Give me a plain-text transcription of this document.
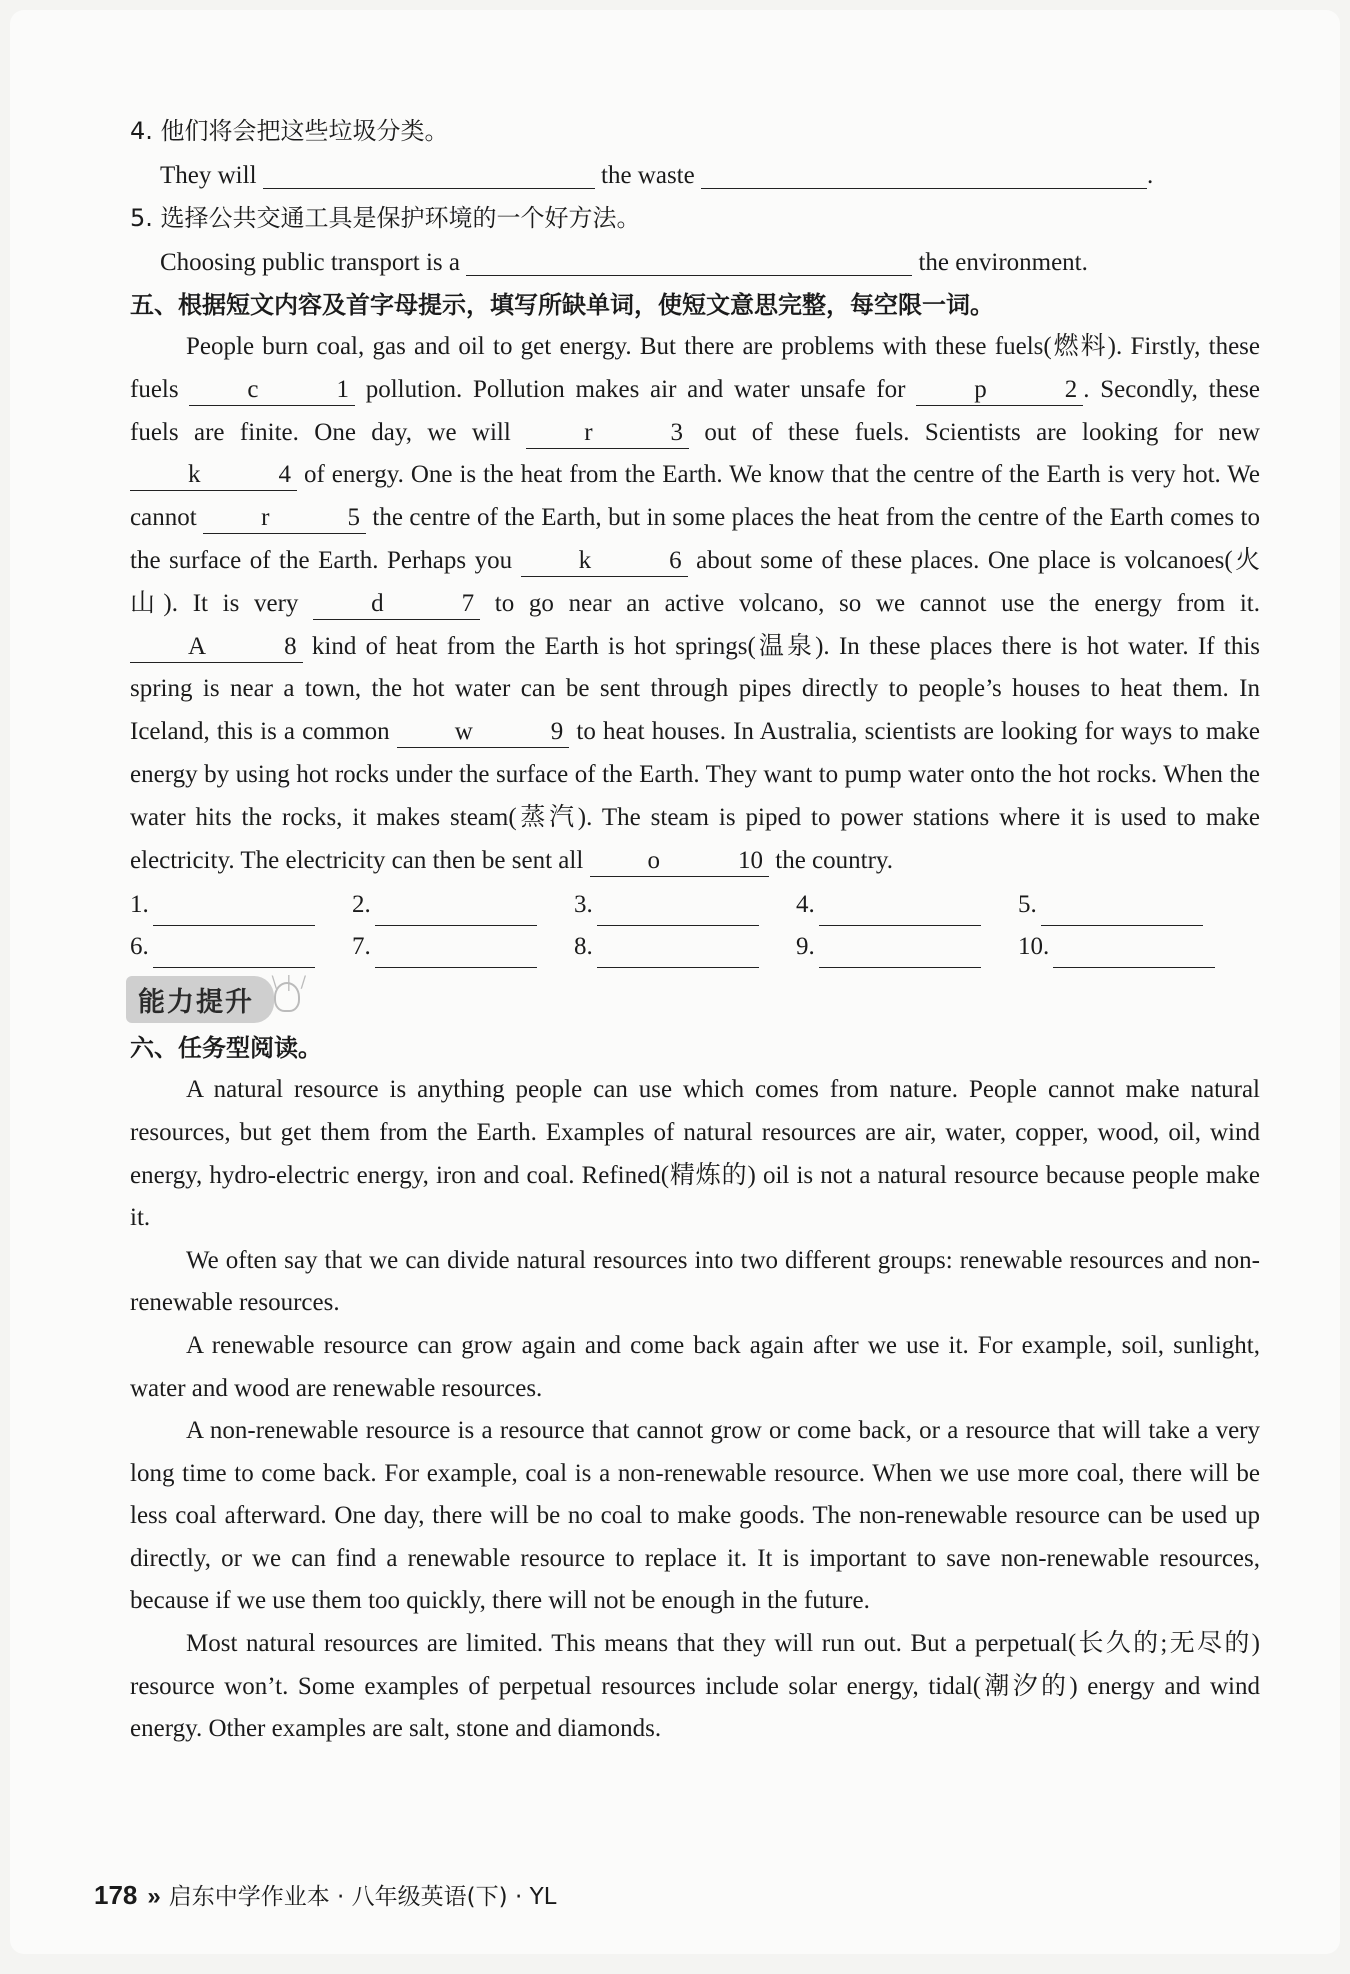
4. 他们将会把这些垃圾分类。
They will	the waste	.
5. 选择公共交通工具是保护环境的一个好方法。
Choosing public transport is a	the environment.
五、根据短文内容及首字母提示，填写所缺单词，使短文意思完整，每空限一词。

People burn coal, gas and oil to get energy. But there are problems with these fuels(燃料). Firstly, these fuels c	1 pollution. Pollution makes air and water unsafe for p	2 . Secondly, these fuels are finite. One day, we will r	3 out of these fuels. Scientists are looking for new k	4 of energy. One is the heat from the Earth. We know that the centre of the Earth is very hot. We cannot r	5 the centre of the Earth, but in some places the heat from the centre of the Earth comes to the surface of the Earth. Perhaps you k	6 about some of these places. One place is volcanoes(火山). It is very d	7 to go near an active volcano, so we cannot use the energy from it. A	8 kind of heat from the Earth is hot springs(温泉). In these places there is hot water. If this spring is near a town, the hot water can be sent through pipes directly to people’s houses to heat them. In Iceland, this is a common w	9 to heat houses. In Australia, scientists are looking for ways to make energy by using hot rocks under the surface of the Earth. They want to pump water onto the hot rocks. When the water hits the rocks, it makes steam(蒸汽). The steam is piped to power stations where it is used to make electricity. The electricity can then be sent all o	10 the country.

1.	2.	3.	4.	5.
6.	7.	8.	9.	10.
能力提升
\ | /
六、任务型阅读。

A natural resource is anything people can use which comes from nature. People cannot make natural resources, but get them from the Earth. Examples of natural resources are air, water, copper, wood, oil, wind energy, hydro-electric energy, iron and coal. Refined(精炼的) oil is not a natural resource because people make it.

We often say that we can divide natural resources into two different groups: renewable resources and non-renewable resources.

A renewable resource can grow again and come back again after we use it. For example, soil, sunlight, water and wood are renewable resources.

A non-renewable resource is a resource that cannot grow or come back, or a resource that will take a very long time to come back. For example, coal is a non-renewable resource. When we use more coal, there will be less coal afterward. One day, there will be no coal to make goods. The non-renewable resource can be used up directly, or we can find a renewable resource to replace it. It is important to save non-renewable resources, because if we use them too quickly, there will not be enough in the future.

Most natural resources are limited. This means that they will run out. But a perpetual(长久的;无尽的) resource won’t. Some examples of perpetual resources include solar energy, tidal(潮汐的) energy and wind energy. Other examples are salt, stone and diamonds.

178 » 启东中学作业本 · 八年级英语(下) · YL
